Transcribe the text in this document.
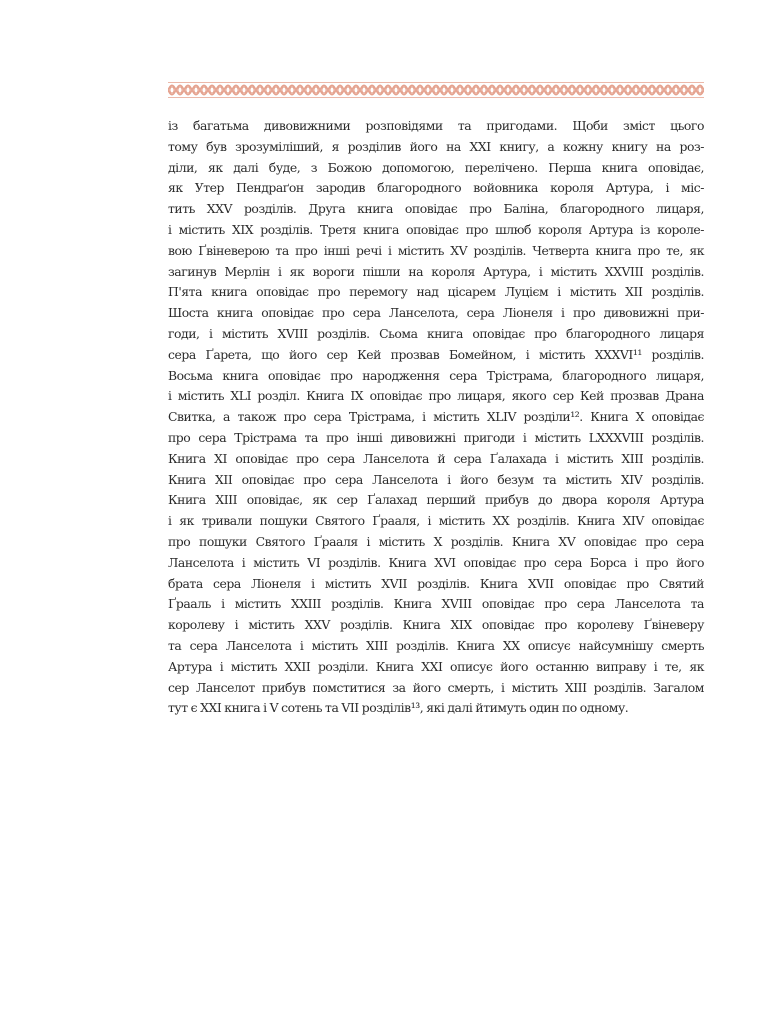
із багатьма дивовижними розповідями та пригодами. Щоби зміст цього
тому був зрозуміліший, я розділив його на XXI книгу, а кожну книгу на роз-
діли, як далі буде, з Божою допомогою, перелічено. Перша книга оповідає,
як Утер Пендраґон зародив благородного войовника короля Артура, і міс-
тить XXV розділів. Друга книга оповідає про Баліна, благородного лицаря,
і містить XIX розділів. Третя книга оповідає про шлюб короля Артура із короле-
вою Ґвіневерою та про інші речі і містить XV розділів. Четверта книга про те, як
загинув Мерлін і як вороги пішли на короля Артура, і містить XXVIII розділів.
П'ята книга оповідає про перемогу над цісарем Луцієм і містить XII розділів.
Шоста книга оповідає про сера Ланселота, сера Ліонеля і про дивовижні при-
годи, і містить XVIII розділів. Сьома книга оповідає про благородного лицаря
сера Ґарета, що його сер Кей прозвав Бомейном, і містить XXXVI¹¹ розділів.
Восьма книга оповідає про народження сера Трістрама, благородного лицаря,
і містить XLI розділ. Книга IX оповідає про лицаря, якого сер Кей прозвав Драна
Свитка, а також про сера Трістрама, і містить XLIV розділи¹². Книга X оповідає
про сера Трістрама та про інші дивовижні пригоди і містить LXXXVIII розділів.
Книга XI оповідає про сера Ланселота й сера Ґалахада і містить XIII розділів.
Книга XII оповідає про сера Ланселота і його безум та містить XIV розділів.
Книга XIII оповідає, як сер Ґалахад перший прибув до двора короля Артура
і як тривали пошуки Святого Ґрааля, і містить XX розділів. Книга XIV оповідає
про пошуки Святого Ґрааля і містить X розділів. Книга XV оповідає про сера
Ланселота і містить VI розділів. Книга XVI оповідає про сера Борса і про його
брата сера Ліонеля і містить XVII розділів. Книга XVII оповідає про Святий
Ґрааль і містить XXIII розділів. Книга XVIII оповідає про сера Ланселота та
королеву і містить XXV розділів. Книга XIX оповідає про королеву Ґвіневеру
та сера Ланселота і містить XIII розділів. Книга XX описує найсумнішу смерть
Артура і містить XXII розділи. Книга XXI описує його останню виправу і те, як
сер Ланселот прибув помститися за його смерть, і містить XIII розділів. Загалом
тут є XXI книга і V сотень та VII розділів¹³, які далі йтимуть один по одному.
